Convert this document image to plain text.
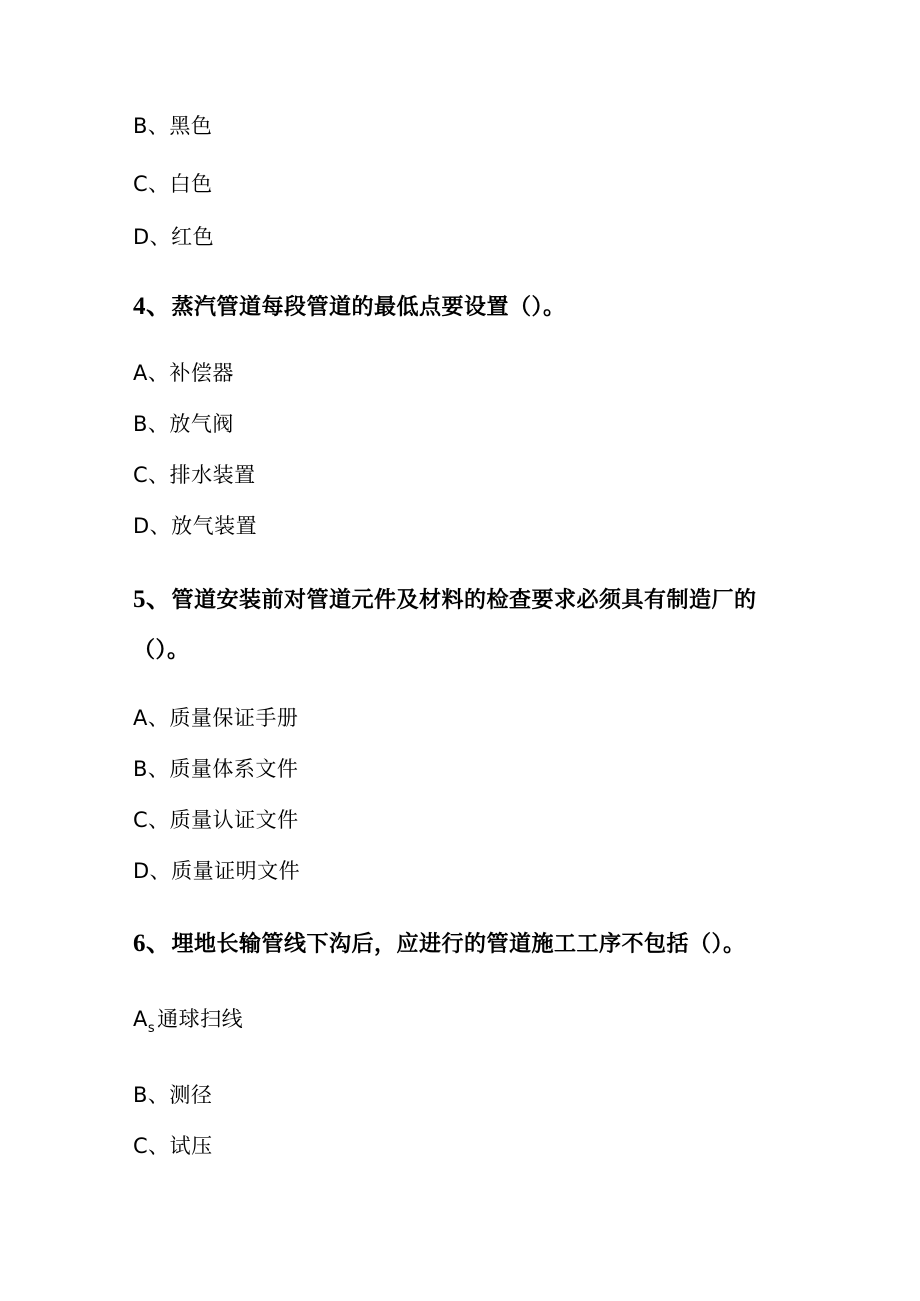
B、黑色
C、白色
D、红色
4、蒸汽管道每段管道的最低点要设置（）。
A、补偿器
B、放气阀
C、排水装置
D、放气装置
5、管道安装前对管道元件及材料的检查要求必须具有制造厂的
（）。
A、质量保证手册
B、质量体系文件
C、质量认证文件
D、质量证明文件
6、埋地长输管线下沟后，应进行的管道施工工序不包括（）。
$A_s$通球扫线
B、测径
C、试压
